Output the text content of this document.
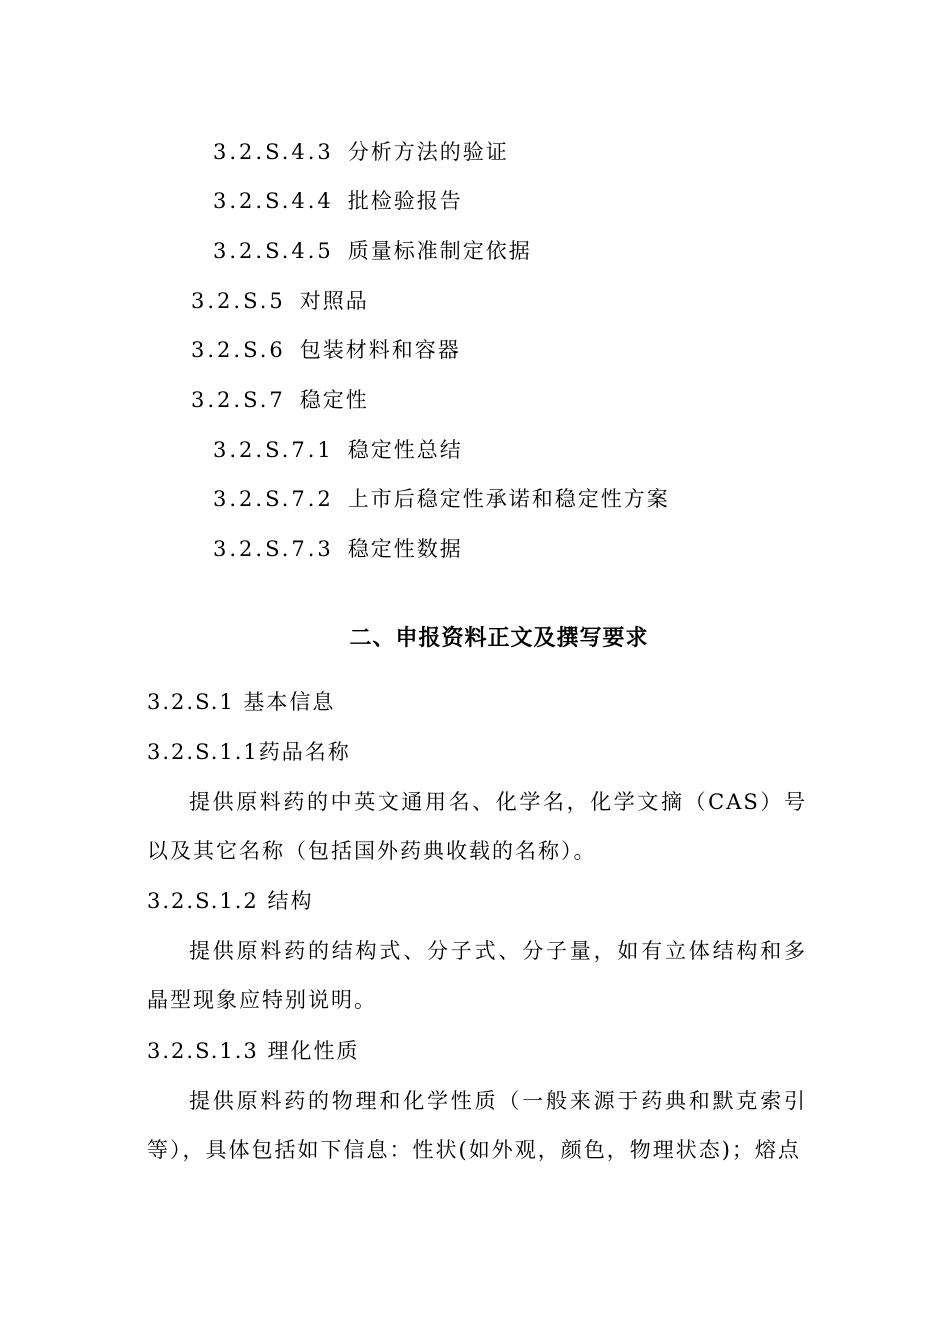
3.2.S.4.3 分析方法的验证
3.2.S.4.4 批检验报告
3.2.S.4.5 质量标准制定依据
3.2.S.5 对照品
3.2.S.6 包装材料和容器
3.2.S.7 稳定性
3.2.S.7.1 稳定性总结
3.2.S.7.2 上市后稳定性承诺和稳定性方案
3.2.S.7.3 稳定性数据
二、申报资料正文及撰写要求
3.2.S.1 基本信息
3.2.S.1.1药品名称
提供原料药的中英文通用名、化学名，化学文摘（CAS）号以及其它名称（包括国外药典收载的名称）。
3.2.S.1.2 结构
提供原料药的结构式、分子式、分子量，如有立体结构和多晶型现象应特别说明。
3.2.S.1.3 理化性质
提供原料药的物理和化学性质（一般来源于药典和默克索引等），具体包括如下信息：性状(如外观，颜色，物理状态)；熔点
